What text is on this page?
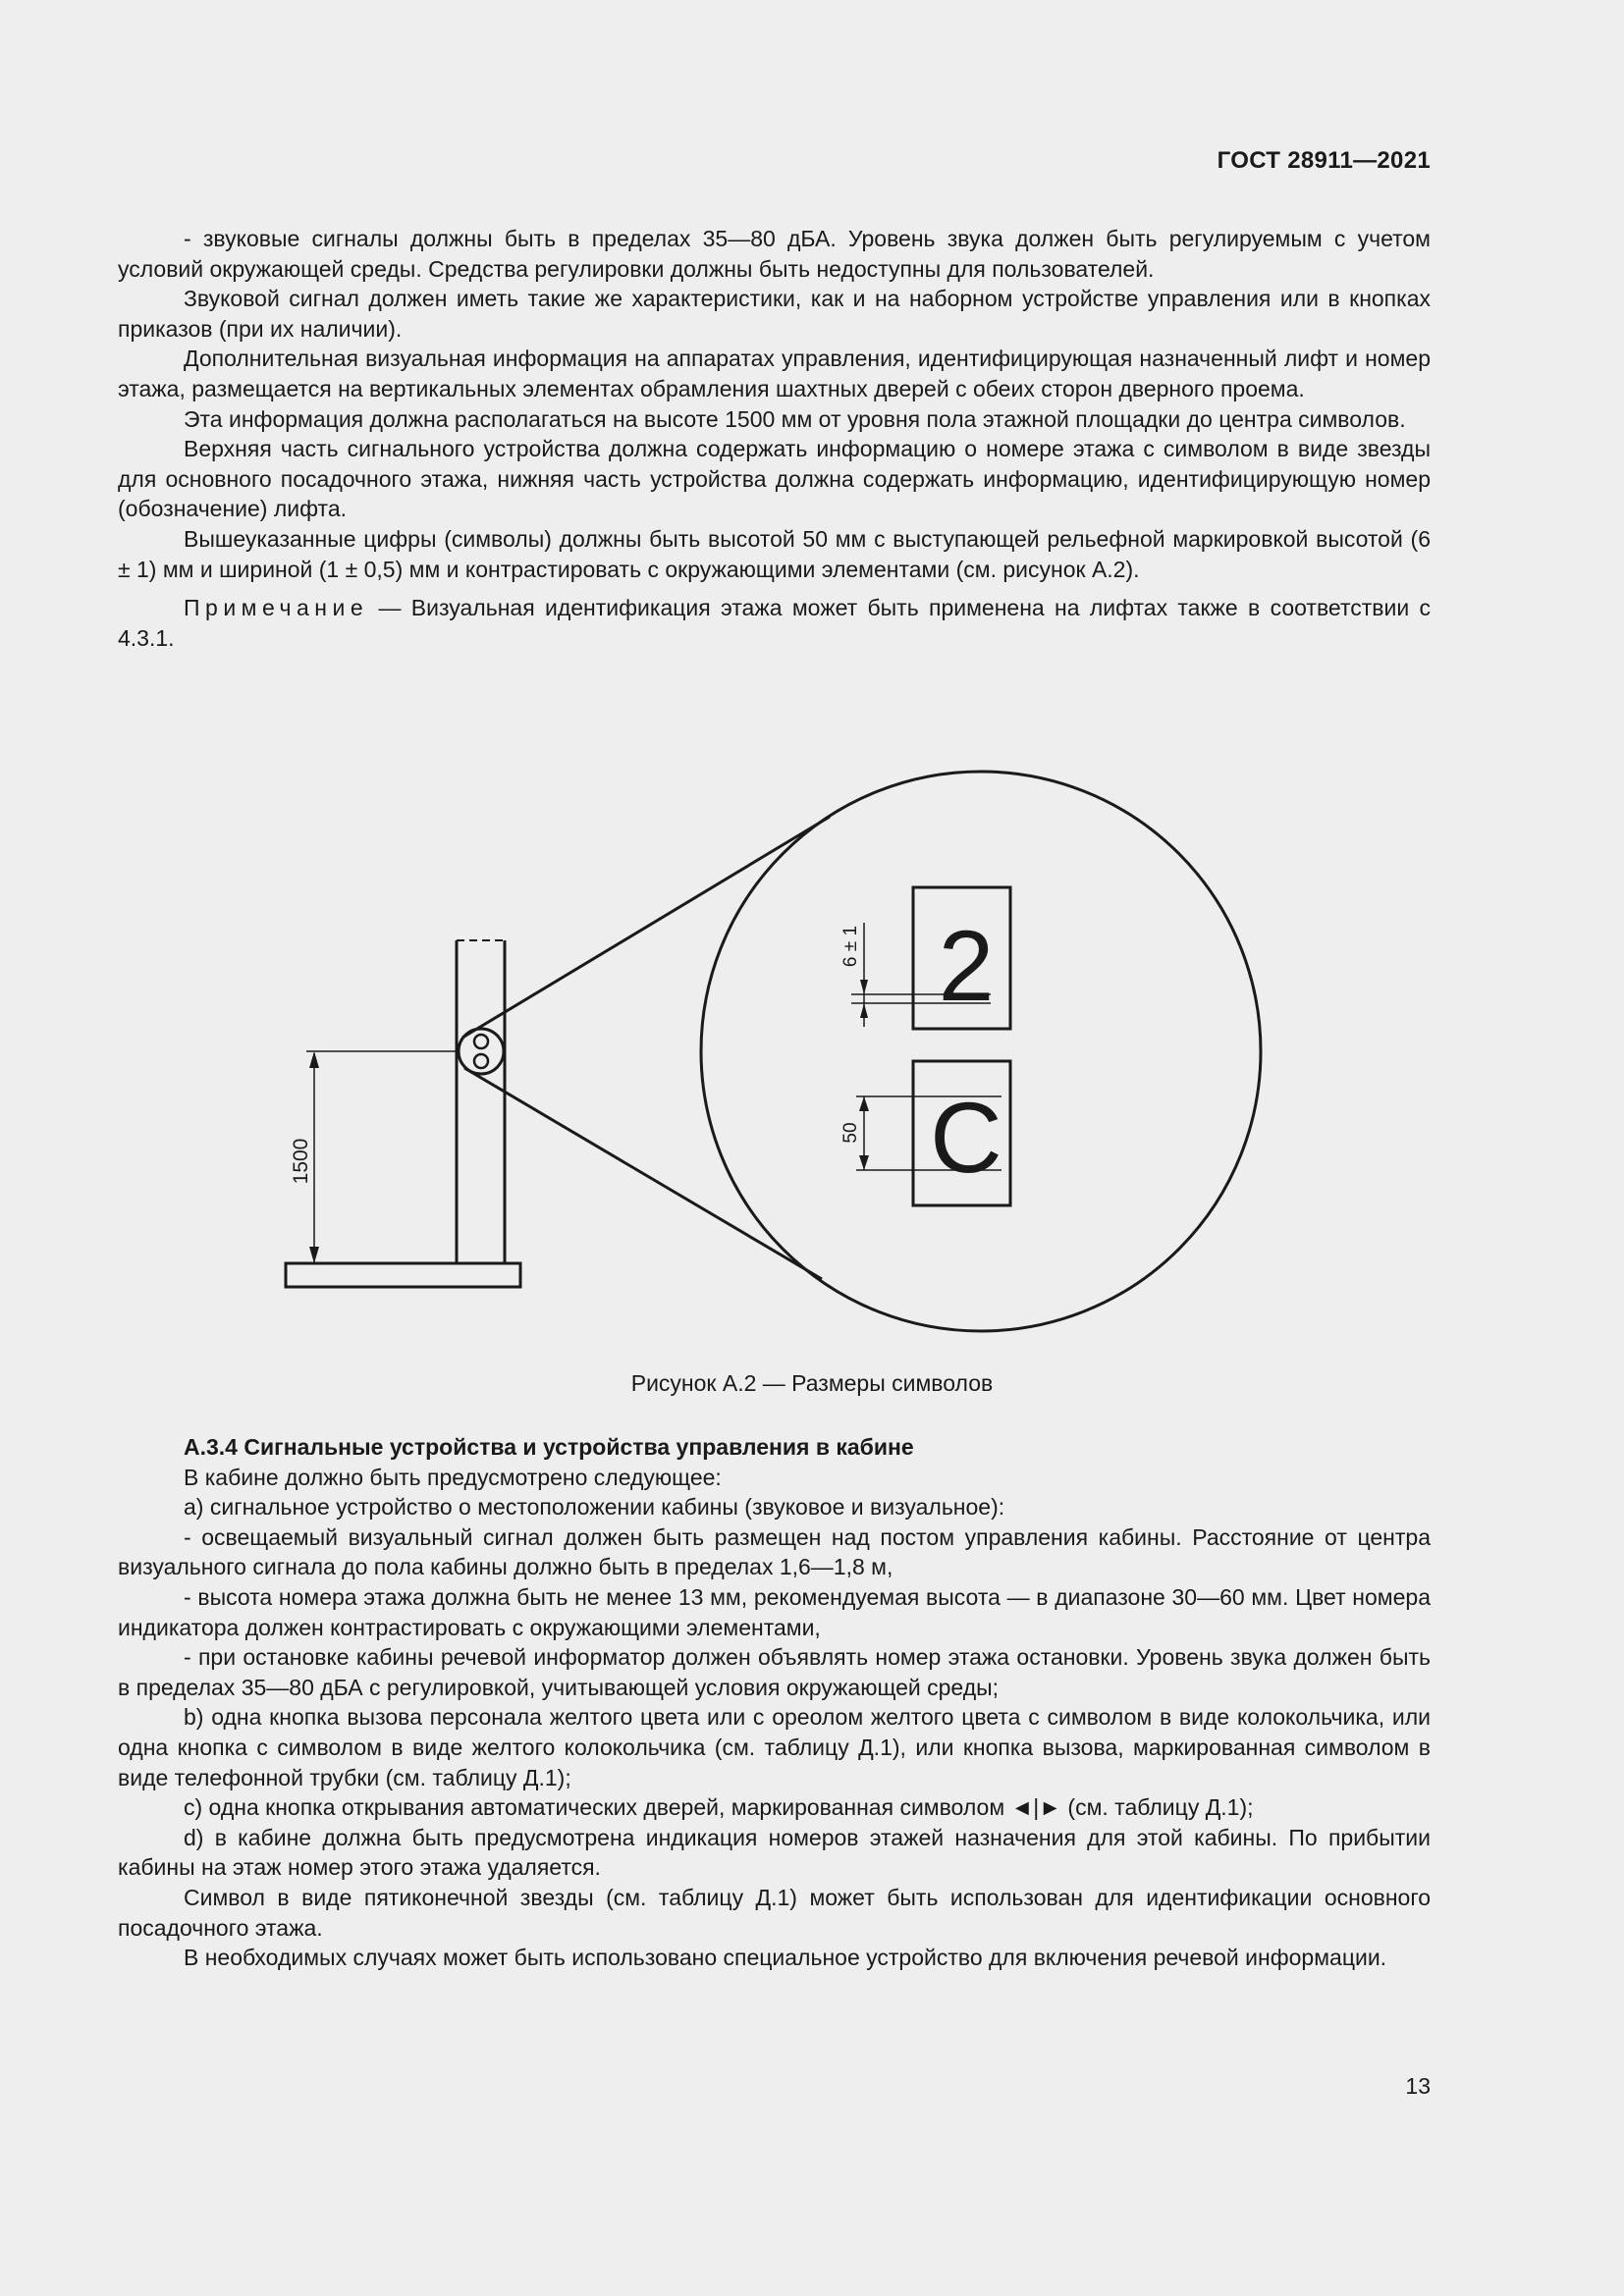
ГОСТ 28911—2021

- звуковые сигналы должны быть в пределах 35—80 дБА. Уровень звука должен быть регулируемым с учетом условий окружающей среды. Средства регулировки должны быть недоступны для пользователей.

Звуковой сигнал должен иметь такие же характеристики, как и на наборном устройстве управления или в кнопках приказов (при их наличии).

Дополнительная визуальная информация на аппаратах управления, идентифицирующая назначенный лифт и номер этажа, размещается на вертикальных элементах обрамления шахтных дверей с обеих сторон дверного проема.

Эта информация должна располагаться на высоте 1500 мм от уровня пола этажной площадки до центра символов.

Верхняя часть сигнального устройства должна содержать информацию о номере этажа с символом в виде звезды для основного посадочного этажа, нижняя часть устройства должна содержать информацию, идентифицирующую номер (обозначение) лифта.

Вышеуказанные цифры (символы) должны быть высотой 50 мм с выступающей рельефной маркировкой высотой (6 ± 1) мм и шириной (1 ± 0,5) мм и контрастировать с окружающими элементами (см. рисунок А.2).

Примечание — Визуальная идентификация этажа может быть применена на лифтах также в соответствии с 4.3.1.

1500
6 ± 1
50
2
C
Рисунок А.2 — Размеры символов

А.3.4 Сигнальные устройства и устройства управления в кабине

В кабине должно быть предусмотрено следующее:

а) сигнальное устройство о местоположении кабины (звуковое и визуальное):

- освещаемый визуальный сигнал должен быть размещен над постом управления кабины. Расстояние от центра визуального сигнала до пола кабины должно быть в пределах 1,6—1,8 м,

- высота номера этажа должна быть не менее 13 мм, рекомендуемая высота — в диапазоне 30—60 мм. Цвет номера индикатора должен контрастировать с окружающими элементами,

- при остановке кабины речевой информатор должен объявлять номер этажа остановки. Уровень звука должен быть в пределах 35—80 дБА с регулировкой, учитывающей условия окружающей среды;

b) одна кнопка вызова персонала желтого цвета или с ореолом желтого цвета с символом в виде колокольчика, или одна кнопка с символом в виде желтого колокольчика (см. таблицу Д.1), или кнопка вызова, маркированная символом в виде телефонной трубки (см. таблицу Д.1);

c) одна кнопка открывания автоматических дверей, маркированная символом ◄|► (см. таблицу Д.1);

d) в кабине должна быть предусмотрена индикация номеров этажей назначения для этой кабины. По прибытии кабины на этаж номер этого этажа удаляется.

Символ в виде пятиконечной звезды (см. таблицу Д.1) может быть использован для идентификации основного посадочного этажа.

В необходимых случаях может быть использовано специальное устройство для включения речевой информации.

13
